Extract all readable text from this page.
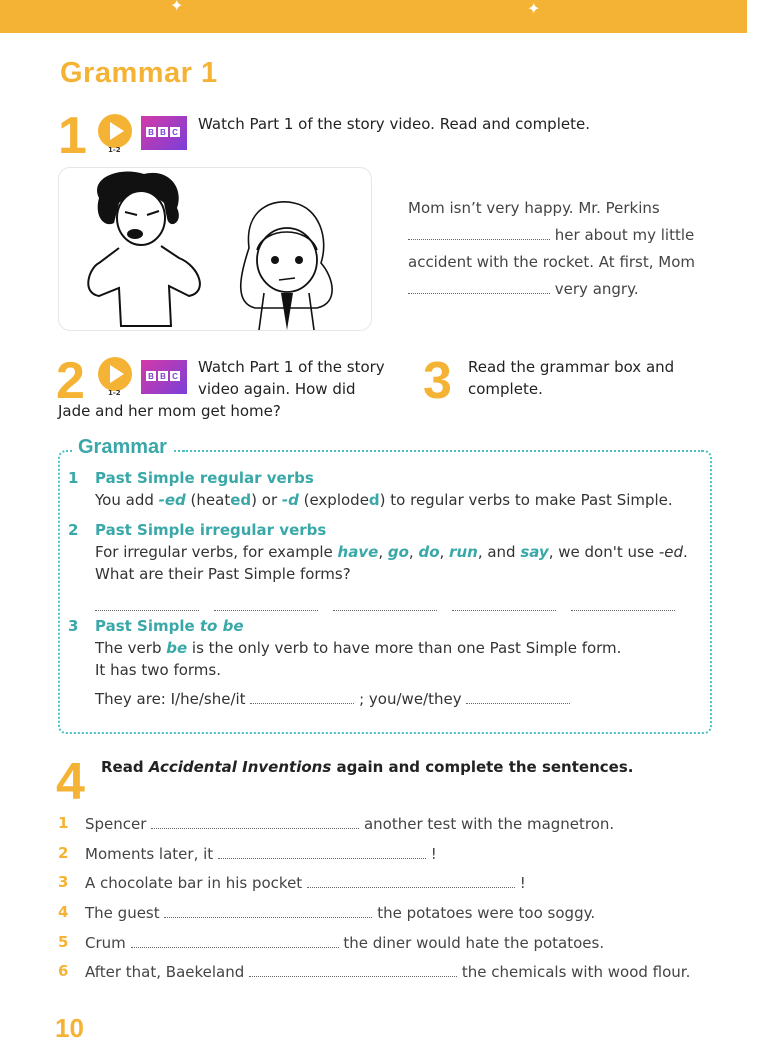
✦	✦
Grammar 1
1	1-2
B B C Watch Part 1 of the story video. Read and complete.
Mom isn’t very happy. Mr. Perkins
her about my little
accident with the rocket. At first, Mom
very angry.
2	1-2
B B C Watch Part 1 of the story
video again. How did
Jade and her mom get home?
3 Read the grammar box and
complete.
Grammar
1 Past Simple regular verbs
You add -ed (heated) or -d (exploded) to regular verbs to make Past Simple.
2 Past Simple irregular verbs
For irregular verbs, for example have, go, do, run, and say, we don't use -ed.
What are their Past Simple forms?
3 Past Simple to be
The verb be is the only verb to have more than one Past Simple form.
It has two forms.
They are: I/he/she/it	; you/we/they
4 Read Accidental Inventions again and complete the sentences.
1 Spencer	another test with the magnetron.
2 Moments later, it	!
3 A chocolate bar in his pocket	!
4 The guest	the potatoes were too soggy.
5 Crum	the diner would hate the potatoes.
6 After that, Baekeland	the chemicals with wood flour.
10
